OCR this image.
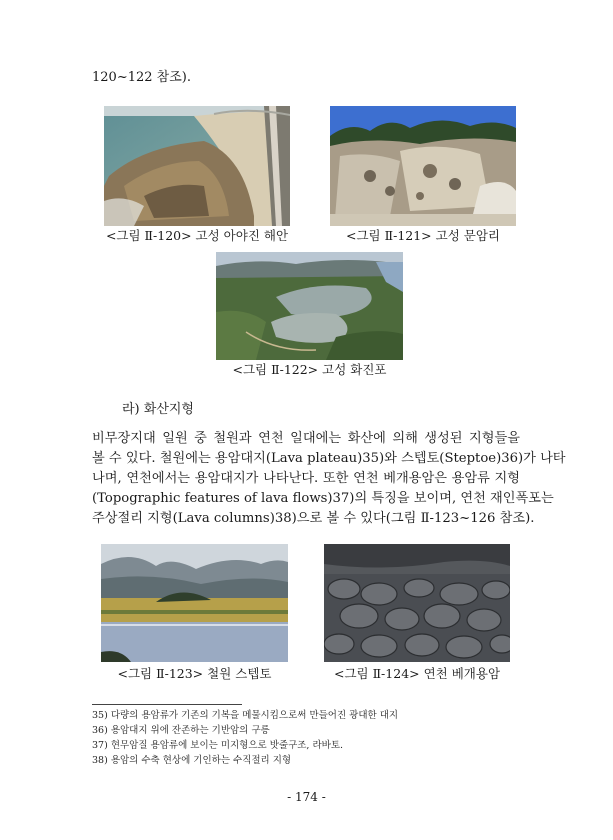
120~122 참조).
<그림 Ⅱ-120> 고성 아야진 해안	<그림 Ⅱ-121> 고성 문암리
<그림 Ⅱ-122> 고성 화진포
라) 화산지형
비무장지대 일원 중 철원과 연천 일대에는 화산에 의해 생성된 지형들을
볼 수 있다. 철원에는 용암대지(Lava plateau)35)와 스텝토(Steptoe)36)가 나타
나며, 연천에서는 용암대지가 나타난다. 또한 연천 베개용암은 용암류 지형
(Topographic features of lava flows)37)의 특징을 보이며, 연천 재인폭포는
주상절리 지형(Lava columns)38)으로 볼 수 있다(그림 Ⅱ-123~126 참조).
<그림 Ⅱ-123> 철원 스텝토	<그림 Ⅱ-124> 연천 베개용암
35) 다량의 용암류가 기존의 기복을 메물시킴으로써 만들어진 광대한 대지
36) 용암대지 위에 잔존하는 기반암의 구릉
37) 현무암질 용암류에 보이는 미지형으로 밧줄구조, 라바토.
38) 용암의 수축 현상에 기인하는 수직절리 지형
- 174 -
